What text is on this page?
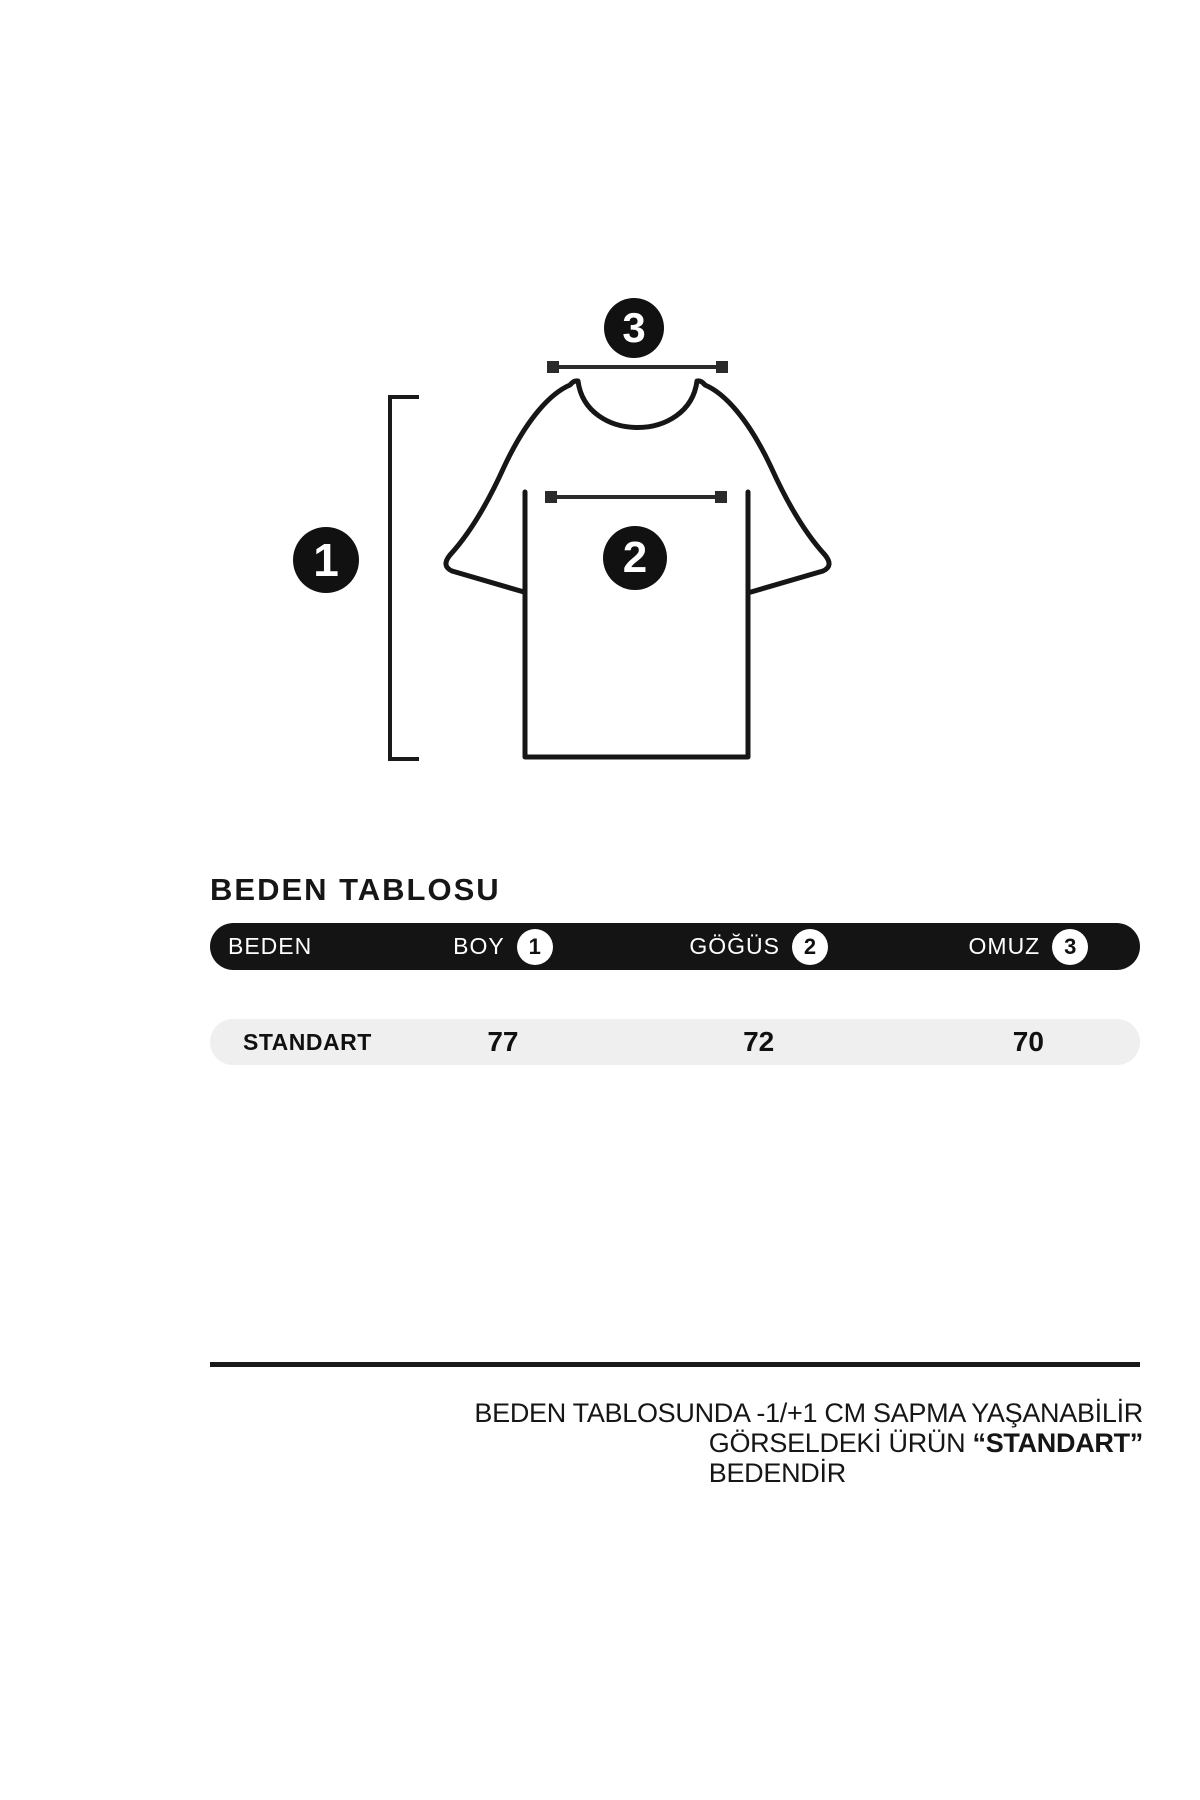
1	2
3
BEDEN TABLOSU
BEDEN	BOY	1	GÖĞÜS	2	OMUZ	3
STANDART	77	72	70
BEDEN TABLOSUNDA -1/+1 CM SAPMA YAŞANABİLİR
GÖRSELDEKİ ÜRÜN “STANDART”
BEDENDİR
